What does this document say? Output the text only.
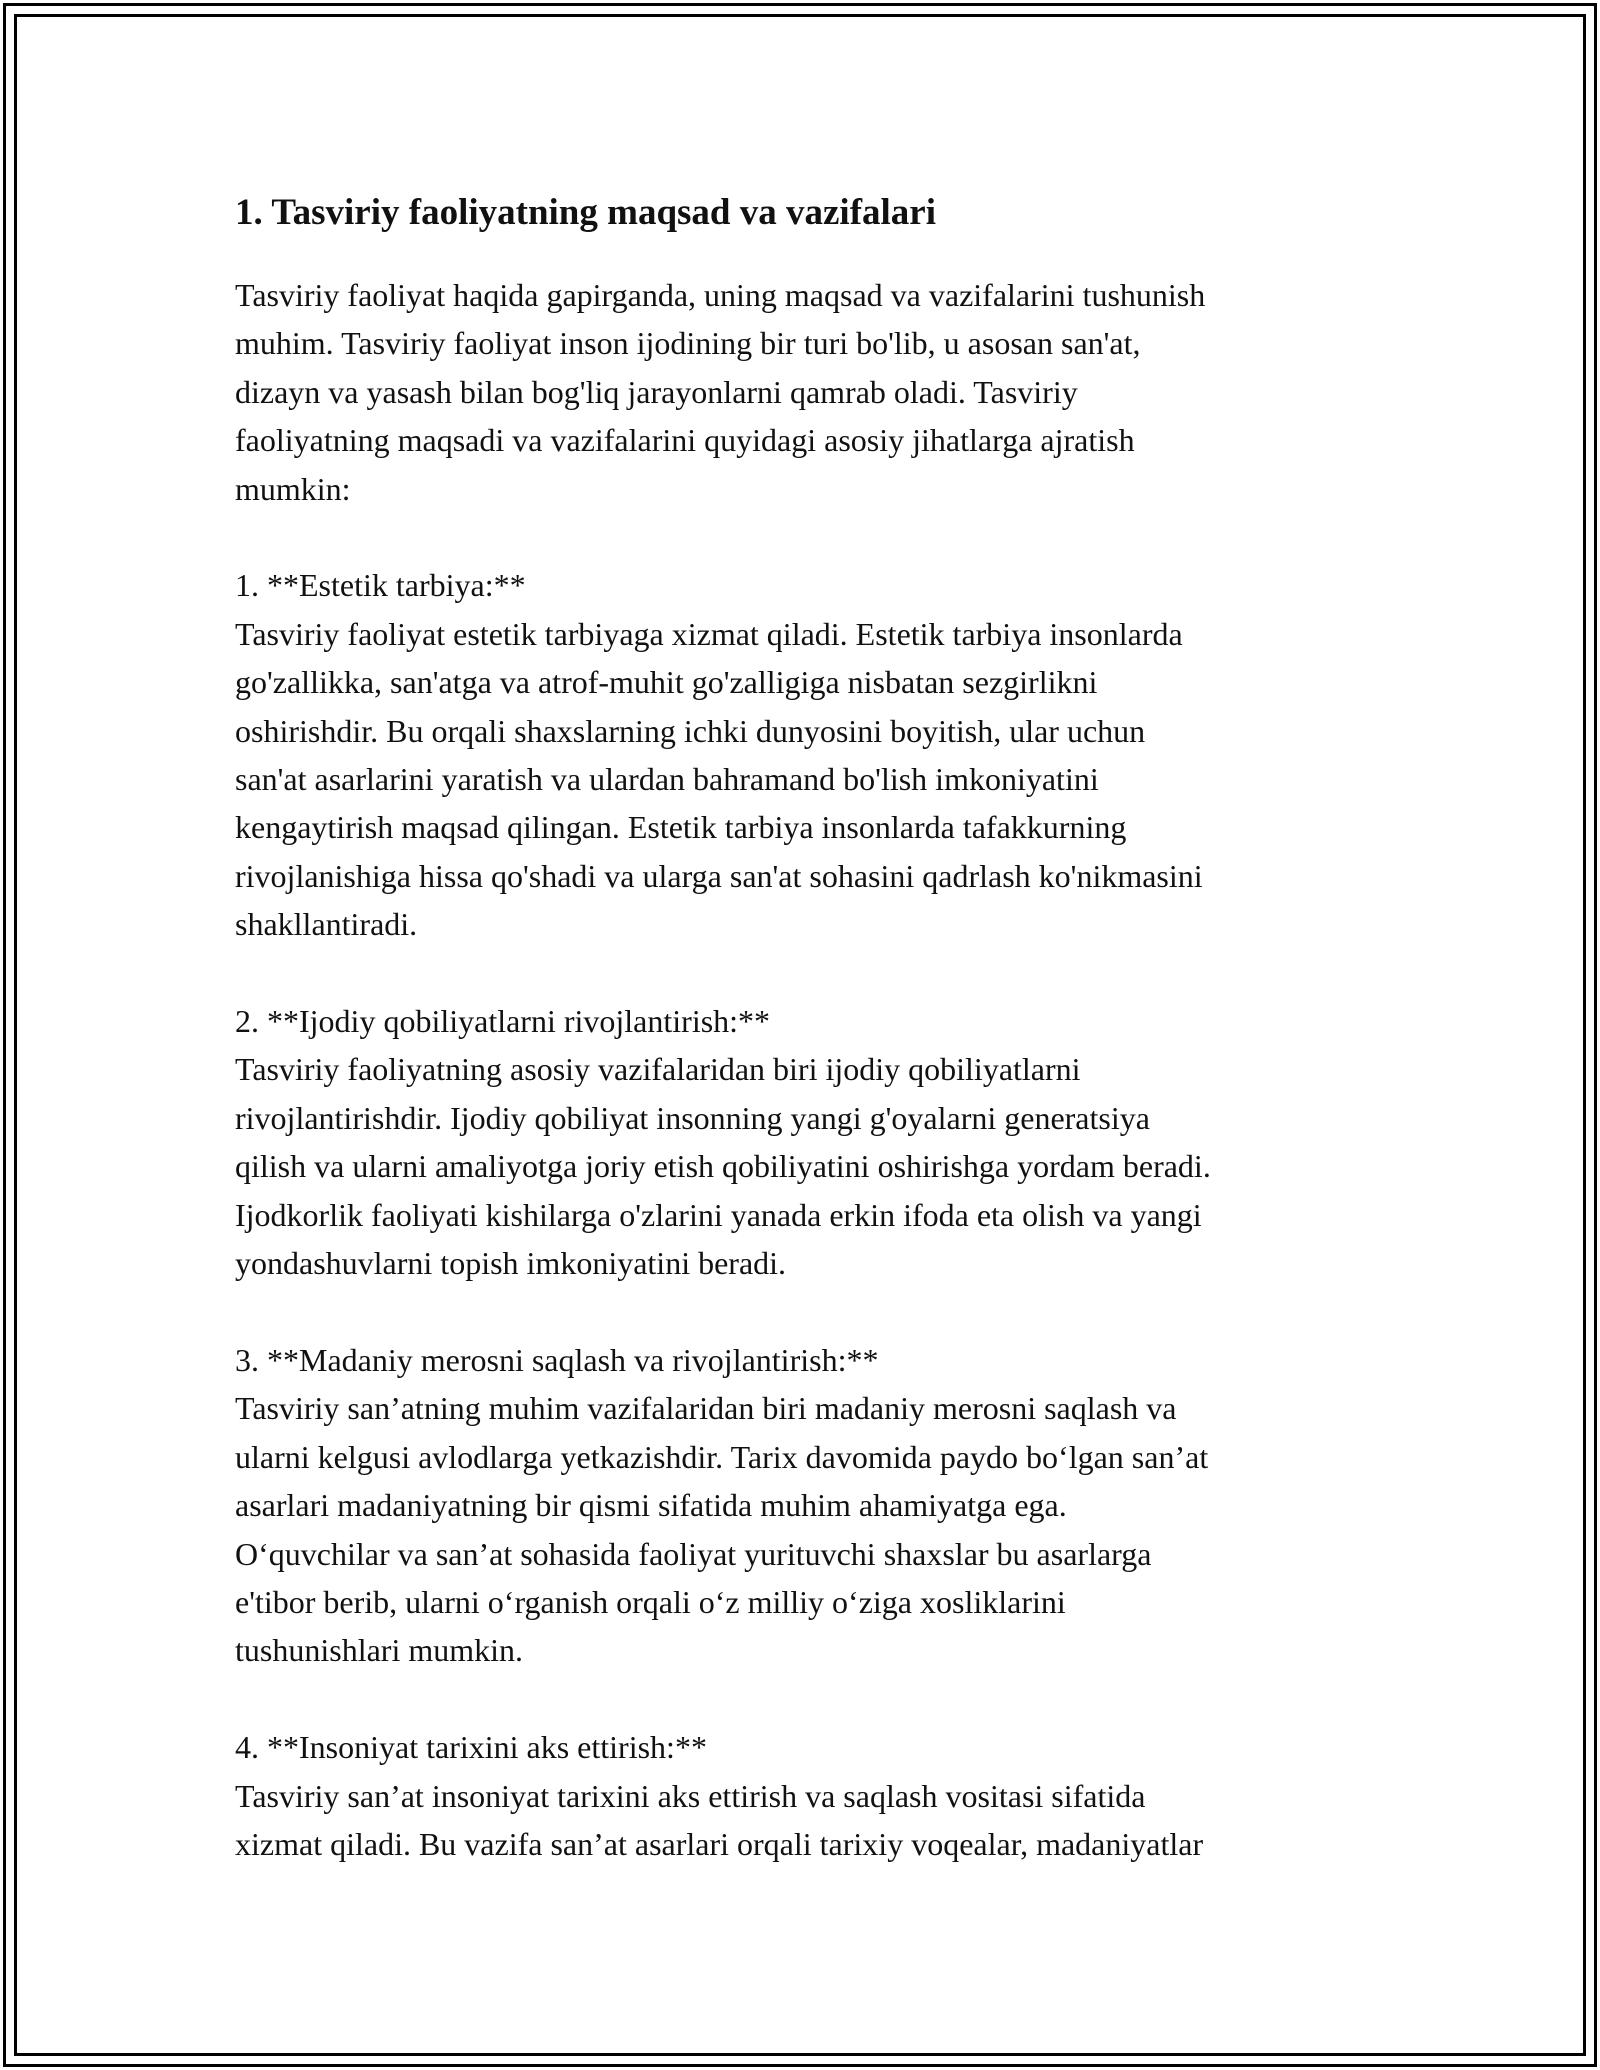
1. Tasviriy faoliyatning maqsad va vazifalari

Tasviriy faoliyat haqida gapirganda, uning maqsad va vazifalarini tushunish
muhim. Tasviriy faoliyat inson ijodining bir turi bo'lib, u asosan san'at,
dizayn va yasash bilan bog'liq jarayonlarni qamrab oladi. Tasviriy
faoliyatning maqsadi va vazifalarini quyidagi asosiy jihatlarga ajratish
mumkin:

1. **Estetik tarbiya:**

Tasviriy faoliyat estetik tarbiyaga xizmat qiladi. Estetik tarbiya insonlarda
go'zallikka, san'atga va atrof-muhit go'zalligiga nisbatan sezgirlikni
oshirishdir. Bu orqali shaxslarning ichki dunyosini boyitish, ular uchun
san'at asarlarini yaratish va ulardan bahramand bo'lish imkoniyatini
kengaytirish maqsad qilingan. Estetik tarbiya insonlarda tafakkurning
rivojlanishiga hissa qo'shadi va ularga san'at sohasini qadrlash ko'nikmasini
shakllantiradi.

2. **Ijodiy qobiliyatlarni rivojlantirish:**

Tasviriy faoliyatning asosiy vazifalaridan biri ijodiy qobiliyatlarni
rivojlantirishdir. Ijodiy qobiliyat insonning yangi g'oyalarni generatsiya
qilish va ularni amaliyotga joriy etish qobiliyatini oshirishga yordam beradi.
Ijodkorlik faoliyati kishilarga o'zlarini yanada erkin ifoda eta olish va yangi
yondashuvlarni topish imkoniyatini beradi.

3. **Madaniy merosni saqlash va rivojlantirish:**

Tasviriy san’atning muhim vazifalaridan biri madaniy merosni saqlash va
ularni kelgusi avlodlarga yetkazishdir. Tarix davomida paydo bo‘lgan san’at
asarlari madaniyatning bir qismi sifatida muhim ahamiyatga ega.
O‘quvchilar va san’at sohasida faoliyat yurituvchi shaxslar bu asarlarga
e'tibor berib, ularni o‘rganish orqali o‘z milliy o‘ziga xosliklarini
tushunishlari mumkin.

4. **Insoniyat tarixini aks ettirish:**

Tasviriy san’at insoniyat tarixini aks ettirish va saqlash vositasi sifatida
xizmat qiladi. Bu vazifa san’at asarlari orqali tarixiy voqealar, madaniyatlar
